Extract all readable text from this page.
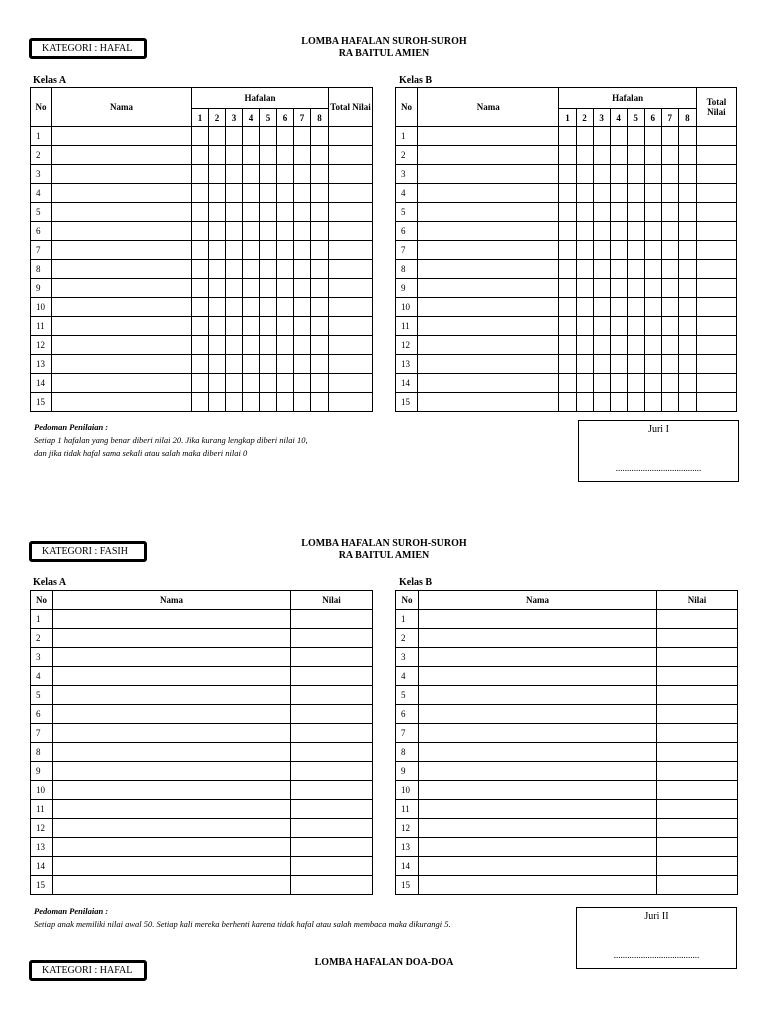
KATEGORI : HAFAL
LOMBA HAFALAN SUROH-SUROH
RA BAITUL AMIEN
Kelas A	Kelas B
No	Nama	Hafalan								Total Nilai
		1	2	3	4	5	6	7	8	
1										
2										
3										
4										
5										
6										
7										
8										
9										
10										
11										
12										
13										
14										
15										
No	Nama	Hafalan								Total Nilai
		1	2	3	4	5	6	7	8	
1										
2										
3										
4										
5										
6										
7										
8										
9										
10										
11										
12										
13										
14										
15										
Pedoman Penilaian :
Setiap 1 hafalan yang benar diberi nilai 20. Jika kurang lengkap diberi nilai 10,
dan jika tidak hafal sama sekali atau salah maka diberi nilai 0
Juri I
......................................
KATEGORI : FASIH
LOMBA HAFALAN SUROH-SUROH
RA BAITUL AMIEN
Kelas A	Kelas B
No	Nama	Nilai
1		
2		
3		
4		
5		
6		
7		
8		
9		
10		
11		
12		
13		
14		
15		
No	Nama	Nilai
1		
2		
3		
4		
5		
6		
7		
8		
9		
10		
11		
12		
13		
14		
15		
Pedoman Penilaian :
Setiap anak memiliki nilai awal 50. Setiap kali mereka berhenti karena tidak hafal atau salah membaca maka dikurangi 5.
Juri II
......................................
KATEGORI : HAFAL
LOMBA HAFALAN DOA-DOA
